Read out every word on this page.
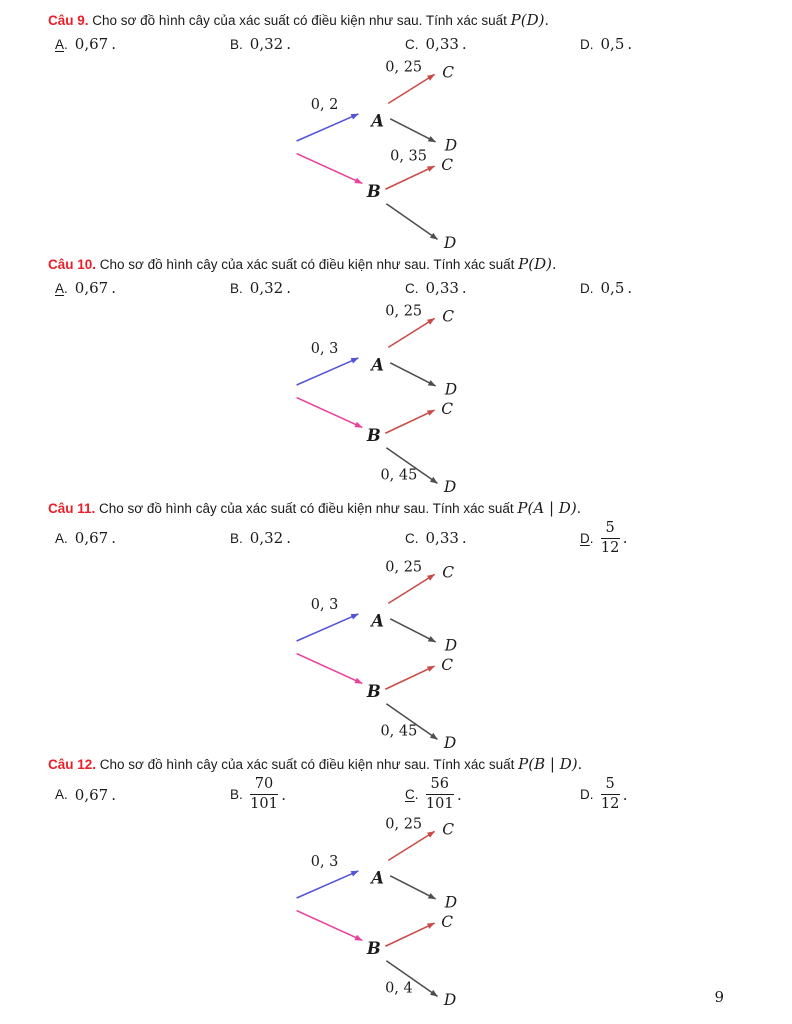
Câu 9. Cho sơ đồ hình cây của xác suất có điều kiện như sau. Tính xác suất P(D).
A. 0,67 .	B. 0,32 .	C. 0,33 .	D. 0,5 .
A
B
C
D
C
D
0, 2
0, 25
0, 35
Câu 10. Cho sơ đồ hình cây của xác suất có điều kiện như sau. Tính xác suất P(D).
A. 0,67 .	B. 0,32 .	C. 0,33 .	D. 0,5 .
A
B
C
D
C
D
0, 3
0, 25
0, 45
Câu 11. Cho sơ đồ hình cây của xác suất có điều kiện như sau. Tính xác suất P(A | D).
A. 0,67 .	B. 0,32 .	C. 0,33 .	D. $\frac{5}{12}$ .
A
B
C
D
C
D
0, 3
0, 25
0, 45
Câu 12. Cho sơ đồ hình cây của xác suất có điều kiện như sau. Tính xác suất P(B | D).
A. 0,67 .	B. $\frac{70}{101}$ .	C. $\frac{56}{101}$ .	D. $\frac{5}{12}$ .
A
B
C
D
C
D
0, 3
0, 25
0, 4	9
